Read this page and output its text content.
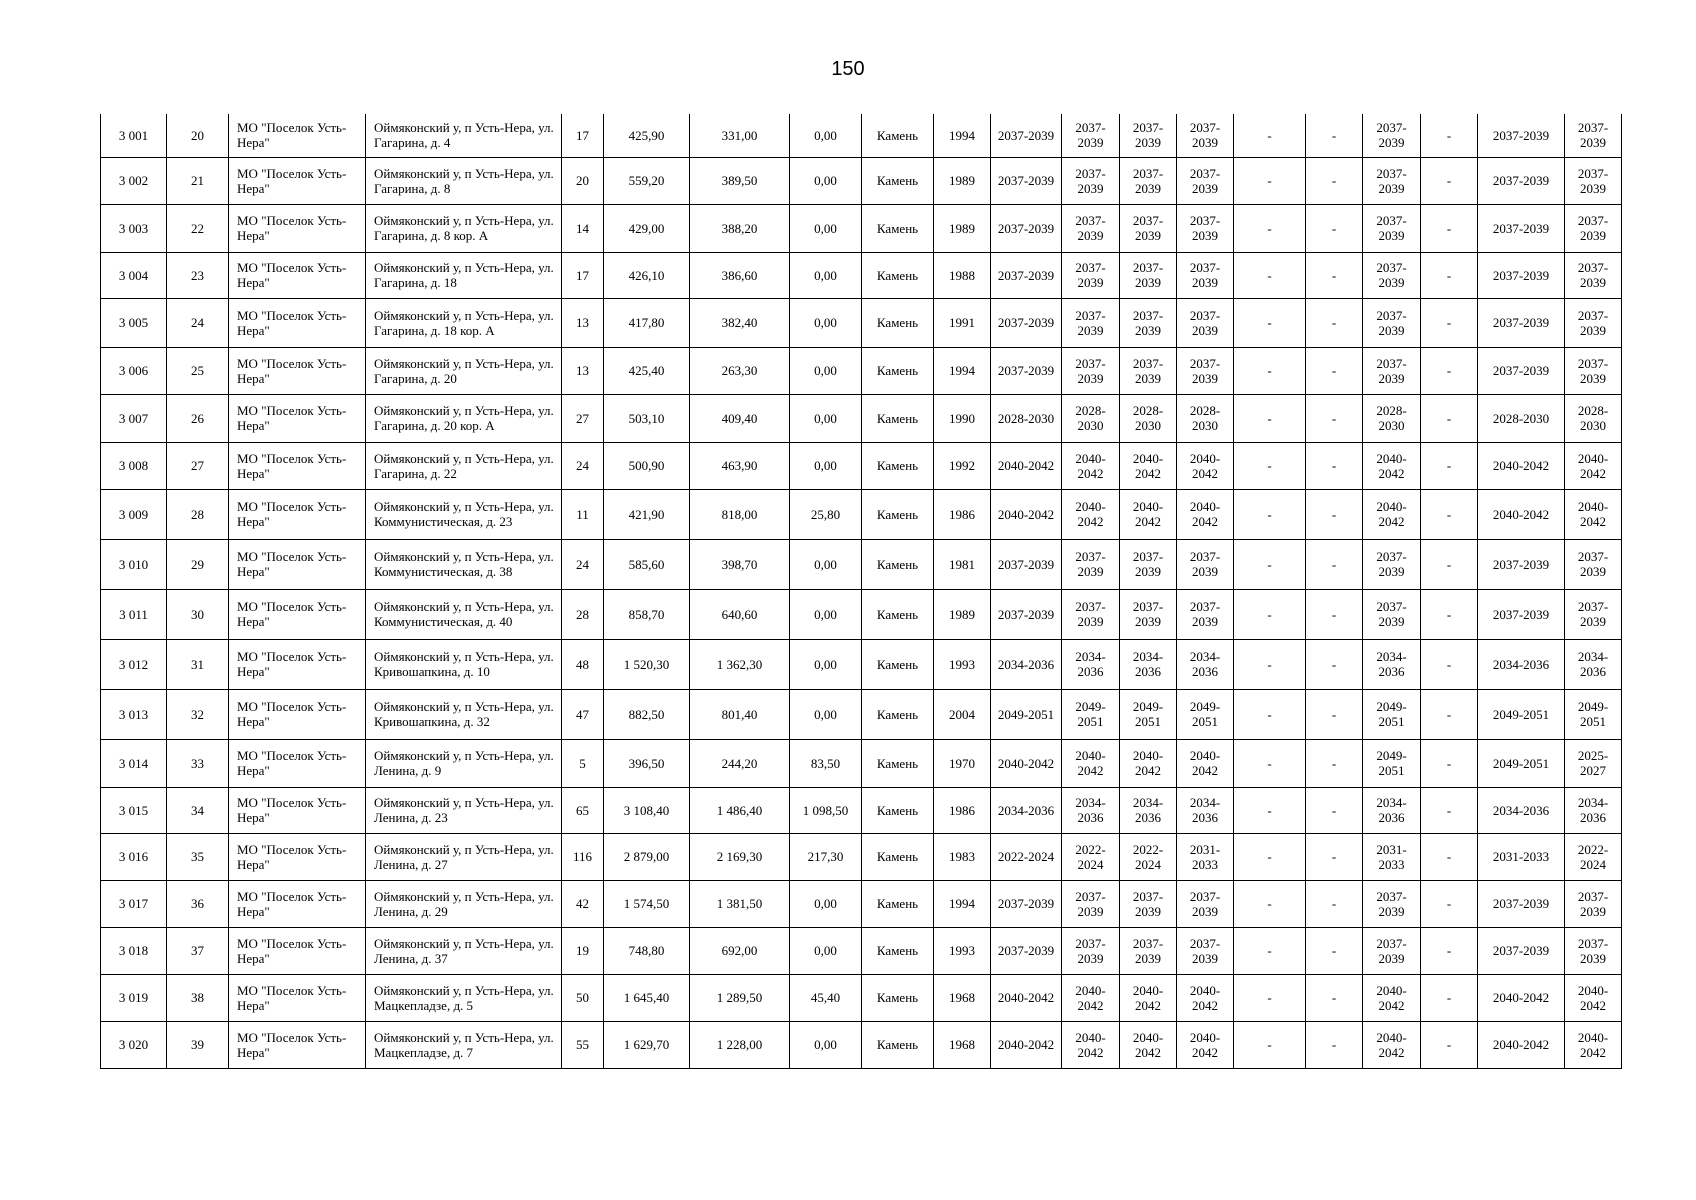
150
3 001	20	МО "Поселок Усть-Нера"	Оймяконский у, п Усть-Нера, ул. Гагарина, д. 4	17	425,90	331,00	0,00	Камень	1994	2037-2039	2037-2039	2037-2039	2037-2039	-	-	2037-2039	-	2037-2039	2037-2039
3 002	21	МО "Поселок Усть-Нера"	Оймяконский у, п Усть-Нера, ул. Гагарина, д. 8	20	559,20	389,50	0,00	Камень	1989	2037-2039	2037-2039	2037-2039	2037-2039	-	-	2037-2039	-	2037-2039	2037-2039
3 003	22	МО "Поселок Усть-Нера"	Оймяконский у, п Усть-Нера, ул. Гагарина, д. 8 кор. А	14	429,00	388,20	0,00	Камень	1989	2037-2039	2037-2039	2037-2039	2037-2039	-	-	2037-2039	-	2037-2039	2037-2039
3 004	23	МО "Поселок Усть-Нера"	Оймяконский у, п Усть-Нера, ул. Гагарина, д. 18	17	426,10	386,60	0,00	Камень	1988	2037-2039	2037-2039	2037-2039	2037-2039	-	-	2037-2039	-	2037-2039	2037-2039
3 005	24	МО "Поселок Усть-Нера"	Оймяконский у, п Усть-Нера, ул. Гагарина, д. 18 кор. А	13	417,80	382,40	0,00	Камень	1991	2037-2039	2037-2039	2037-2039	2037-2039	-	-	2037-2039	-	2037-2039	2037-2039
3 006	25	МО "Поселок Усть-Нера"	Оймяконский у, п Усть-Нера, ул. Гагарина, д. 20	13	425,40	263,30	0,00	Камень	1994	2037-2039	2037-2039	2037-2039	2037-2039	-	-	2037-2039	-	2037-2039	2037-2039
3 007	26	МО "Поселок Усть-Нера"	Оймяконский у, п Усть-Нера, ул. Гагарина, д. 20 кор. А	27	503,10	409,40	0,00	Камень	1990	2028-2030	2028-2030	2028-2030	2028-2030	-	-	2028-2030	-	2028-2030	2028-2030
3 008	27	МО "Поселок Усть-Нера"	Оймяконский у, п Усть-Нера, ул. Гагарина, д. 22	24	500,90	463,90	0,00	Камень	1992	2040-2042	2040-2042	2040-2042	2040-2042	-	-	2040-2042	-	2040-2042	2040-2042
3 009	28	МО "Поселок Усть-Нера"	Оймяконский у, п Усть-Нера, ул. Коммунистическая, д. 23	11	421,90	818,00	25,80	Камень	1986	2040-2042	2040-2042	2040-2042	2040-2042	-	-	2040-2042	-	2040-2042	2040-2042
3 010	29	МО "Поселок Усть-Нера"	Оймяконский у, п Усть-Нера, ул. Коммунистическая, д. 38	24	585,60	398,70	0,00	Камень	1981	2037-2039	2037-2039	2037-2039	2037-2039	-	-	2037-2039	-	2037-2039	2037-2039
3 011	30	МО "Поселок Усть-Нера"	Оймяконский у, п Усть-Нера, ул. Коммунистическая, д. 40	28	858,70	640,60	0,00	Камень	1989	2037-2039	2037-2039	2037-2039	2037-2039	-	-	2037-2039	-	2037-2039	2037-2039
3 012	31	МО "Поселок Усть-Нера"	Оймяконский у, п Усть-Нера, ул. Кривошапкина, д. 10	48	1 520,30	1 362,30	0,00	Камень	1993	2034-2036	2034-2036	2034-2036	2034-2036	-	-	2034-2036	-	2034-2036	2034-2036
3 013	32	МО "Поселок Усть-Нера"	Оймяконский у, п Усть-Нера, ул. Кривошапкина, д. 32	47	882,50	801,40	0,00	Камень	2004	2049-2051	2049-2051	2049-2051	2049-2051	-	-	2049-2051	-	2049-2051	2049-2051
3 014	33	МО "Поселок Усть-Нера"	Оймяконский у, п Усть-Нера, ул. Ленина, д. 9	5	396,50	244,20	83,50	Камень	1970	2040-2042	2040-2042	2040-2042	2040-2042	-	-	2049-2051	-	2049-2051	2025-2027
3 015	34	МО "Поселок Усть-Нера"	Оймяконский у, п Усть-Нера, ул. Ленина, д. 23	65	3 108,40	1 486,40	1 098,50	Камень	1986	2034-2036	2034-2036	2034-2036	2034-2036	-	-	2034-2036	-	2034-2036	2034-2036
3 016	35	МО "Поселок Усть-Нера"	Оймяконский у, п Усть-Нера, ул. Ленина, д. 27	116	2 879,00	2 169,30	217,30	Камень	1983	2022-2024	2022-2024	2022-2024	2031-2033	-	-	2031-2033	-	2031-2033	2022-2024
3 017	36	МО "Поселок Усть-Нера"	Оймяконский у, п Усть-Нера, ул. Ленина, д. 29	42	1 574,50	1 381,50	0,00	Камень	1994	2037-2039	2037-2039	2037-2039	2037-2039	-	-	2037-2039	-	2037-2039	2037-2039
3 018	37	МО "Поселок Усть-Нера"	Оймяконский у, п Усть-Нера, ул. Ленина, д. 37	19	748,80	692,00	0,00	Камень	1993	2037-2039	2037-2039	2037-2039	2037-2039	-	-	2037-2039	-	2037-2039	2037-2039
3 019	38	МО "Поселок Усть-Нера"	Оймяконский у, п Усть-Нера, ул. Мацкепладзе, д. 5	50	1 645,40	1 289,50	45,40	Камень	1968	2040-2042	2040-2042	2040-2042	2040-2042	-	-	2040-2042	-	2040-2042	2040-2042
3 020	39	МО "Поселок Усть-Нера"	Оймяконский у, п Усть-Нера, ул. Мацкепладзе, д. 7	55	1 629,70	1 228,00	0,00	Камень	1968	2040-2042	2040-2042	2040-2042	2040-2042	-	-	2040-2042	-	2040-2042	2040-2042
